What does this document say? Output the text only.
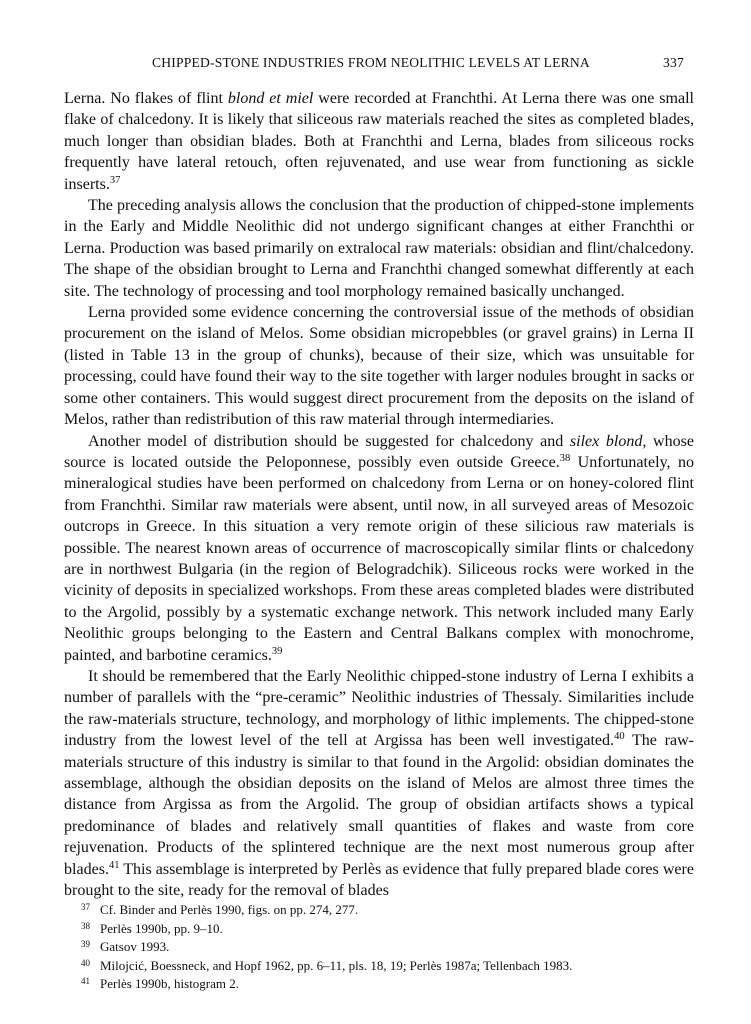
CHIPPED-STONE INDUSTRIES FROM NEOLITHIC LEVELS AT LERNA	337

Lerna. No flakes of flint blond et miel were recorded at Franchthi. At Lerna there was one small flake of chalcedony. It is likely that siliceous raw materials reached the sites as completed blades, much longer than obsidian blades. Both at Franchthi and Lerna, blades from siliceous rocks frequently have lateral retouch, often rejuvenated, and use wear from functioning as sickle inserts.$^{37}$

The preceding analysis allows the conclusion that the production of chipped-stone implements in the Early and Middle Neolithic did not undergo significant changes at either Franchthi or Lerna. Production was based primarily on extralocal raw materials: obsidian and flint/chalcedony. The shape of the obsidian brought to Lerna and Franchthi changed somewhat differently at each site. The technology of processing and tool morphology remained basically unchanged.

Lerna provided some evidence concerning the controversial issue of the methods of obsidian procurement on the island of Melos. Some obsidian micropebbles (or gravel grains) in Lerna II (listed in Table 13 in the group of chunks), because of their size, which was unsuitable for processing, could have found their way to the site together with larger nodules brought in sacks or some other containers. This would suggest direct procurement from the deposits on the island of Melos, rather than redistribution of this raw material through intermediaries.

Another model of distribution should be suggested for chalcedony and silex blond, whose source is located outside the Peloponnese, possibly even outside Greece.$^{38}$ Unfortunately, no mineralogical studies have been performed on chalcedony from Lerna or on honey-colored flint from Franchthi. Similar raw materials were absent, until now, in all surveyed areas of Mesozoic outcrops in Greece. In this situation a very remote origin of these silicious raw materials is possible. The nearest known areas of occurrence of macroscopically similar flints or chalcedony are in northwest Bulgaria (in the region of Belogradchik). Siliceous rocks were worked in the vicinity of deposits in specialized workshops. From these areas completed blades were distributed to the Argolid, possibly by a systematic exchange network. This network included many Early Neolithic groups belonging to the Eastern and Central Balkans complex with monochrome, painted, and barbotine ceramics.$^{39}$

It should be remembered that the Early Neolithic chipped-stone industry of Lerna I exhibits a number of parallels with the “pre-ceramic” Neolithic industries of Thessaly. Similarities include the raw-materials structure, technology, and morphology of lithic implements. The chipped-stone industry from the lowest level of the tell at Argissa has been well investigated.$^{40}$ The raw-materials structure of this industry is similar to that found in the Argolid: obsidian dominates the assemblage, although the obsidian deposits on the island of Melos are almost three times the distance from Argissa as from the Argolid. The group of obsidian artifacts shows a typical predominance of blades and relatively small quantities of flakes and waste from core rejuvenation. Products of the splintered technique are the next most numerous group after blades.$^{41}$ This assemblage is interpreted by Perlès as evidence that fully prepared blade cores were brought to the site, ready for the removal of blades

$^{37}$ Cf. Binder and Perlès 1990, figs. on pp. 274, 277.
$^{38}$ Perlès 1990b, pp. 9–10.
$^{39}$ Gatsov 1993.
$^{40}$ Milojcić, Boessneck, and Hopf 1962, pp. 6–11, pls. 18, 19; Perlès 1987a; Tellenbach 1983.
$^{41}$ Perlès 1990b, histogram 2.
